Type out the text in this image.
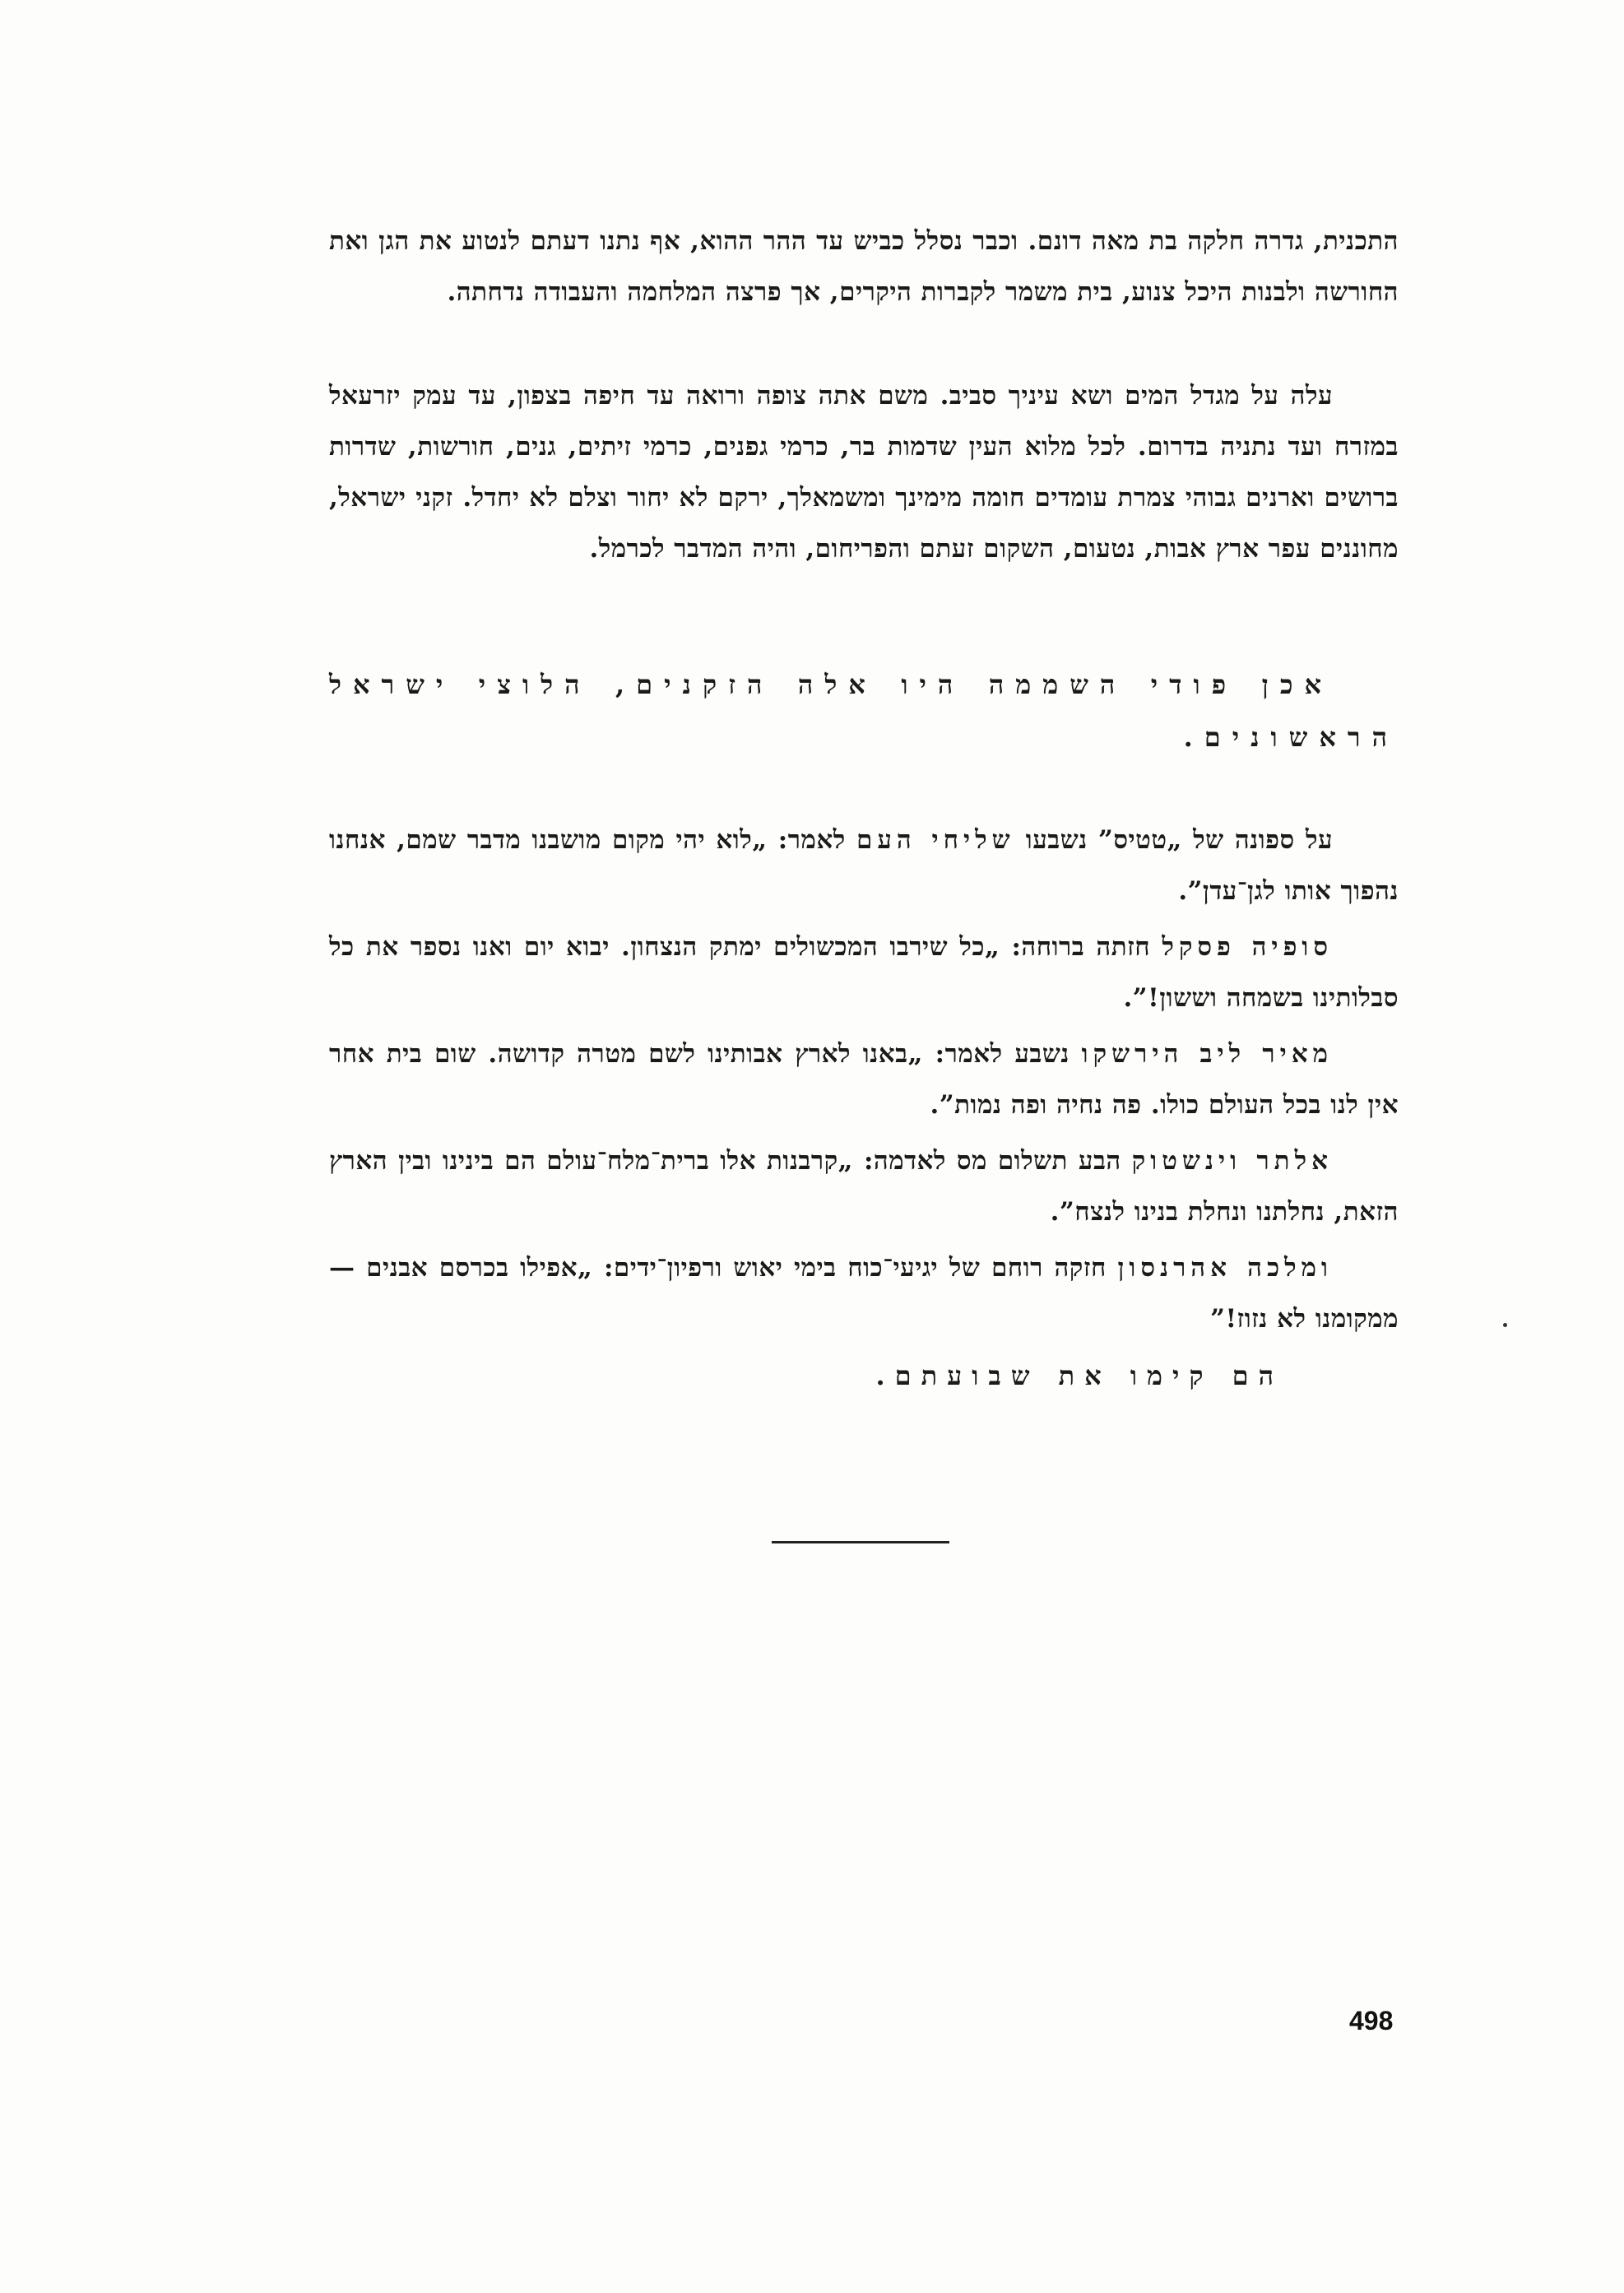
התכנית, גדרה חלקה בת מאה דונם. וכבר נסלל כביש עד ההר ההוא, אף נתנו דעתם לנטוע את הגן ואת החורשה ולבנות היכל צנוע, בית משמר לקברות היקרים, אך פרצה המלחמה והעבודה נדחתה.

עלה על מגדל המים ושא עיניך סביב. משם אתה צופה ורואה עד חיפה בצפון, עד עמק יזרעאל במזרח ועד נתניה בדרום. לכל מלוא העין שדמות בר, כרמי גפנים, כרמי זיתים, גנים, חורשות, שדרות ברושים וארנים גבוהי צמרת עומדים חומה מימינך ומשמאלך, ירקם לא יחור וצלם לא יחדל. זקני ישראל, מחוננים עפר ארץ אבות, נטעום, השקום זעתם והפריחום, והיה המדבר לכרמל.

אכן פודי השממה היו אלה הזקנים, הלוצי ישראל הראשונים.

על ספונה של „טטיס” נשבעו שליחי העם לאמר: „לוא יהי מקום מושבנו מדבר שמם, אנחנו נהפוך אותו לגן־עדן”.

סופיה פסקל חזתה ברוחה: „כל שירבו המכשולים ימתק הנצחון. יבוא יום ואנו נספר את כל סבלותינו בשמחה וששון!”.

מאיר ליב הירשקו נשבע לאמר: „באנו לארץ אבותינו לשם מטרה קדושה. שום בית אחר אין לנו בכל העולם כולו. פה נחיה ופה נמות”.

אלתר וינשטוק הבע תשלום מס לאדמה: „קרבנות אלו ברית־מלח־עולם הם בינינו ובין הארץ הזאת, נחלתנו ונחלת בנינו לנצח”.

ומלכה אהרנסון חזקה רוחם של יגיעי־כוח בימי יאוש ורפיון־ידים: „אפילו בכרסם אבנים — ממקומנו לא נזוז!”

הם קימו את שבועתם.
498
